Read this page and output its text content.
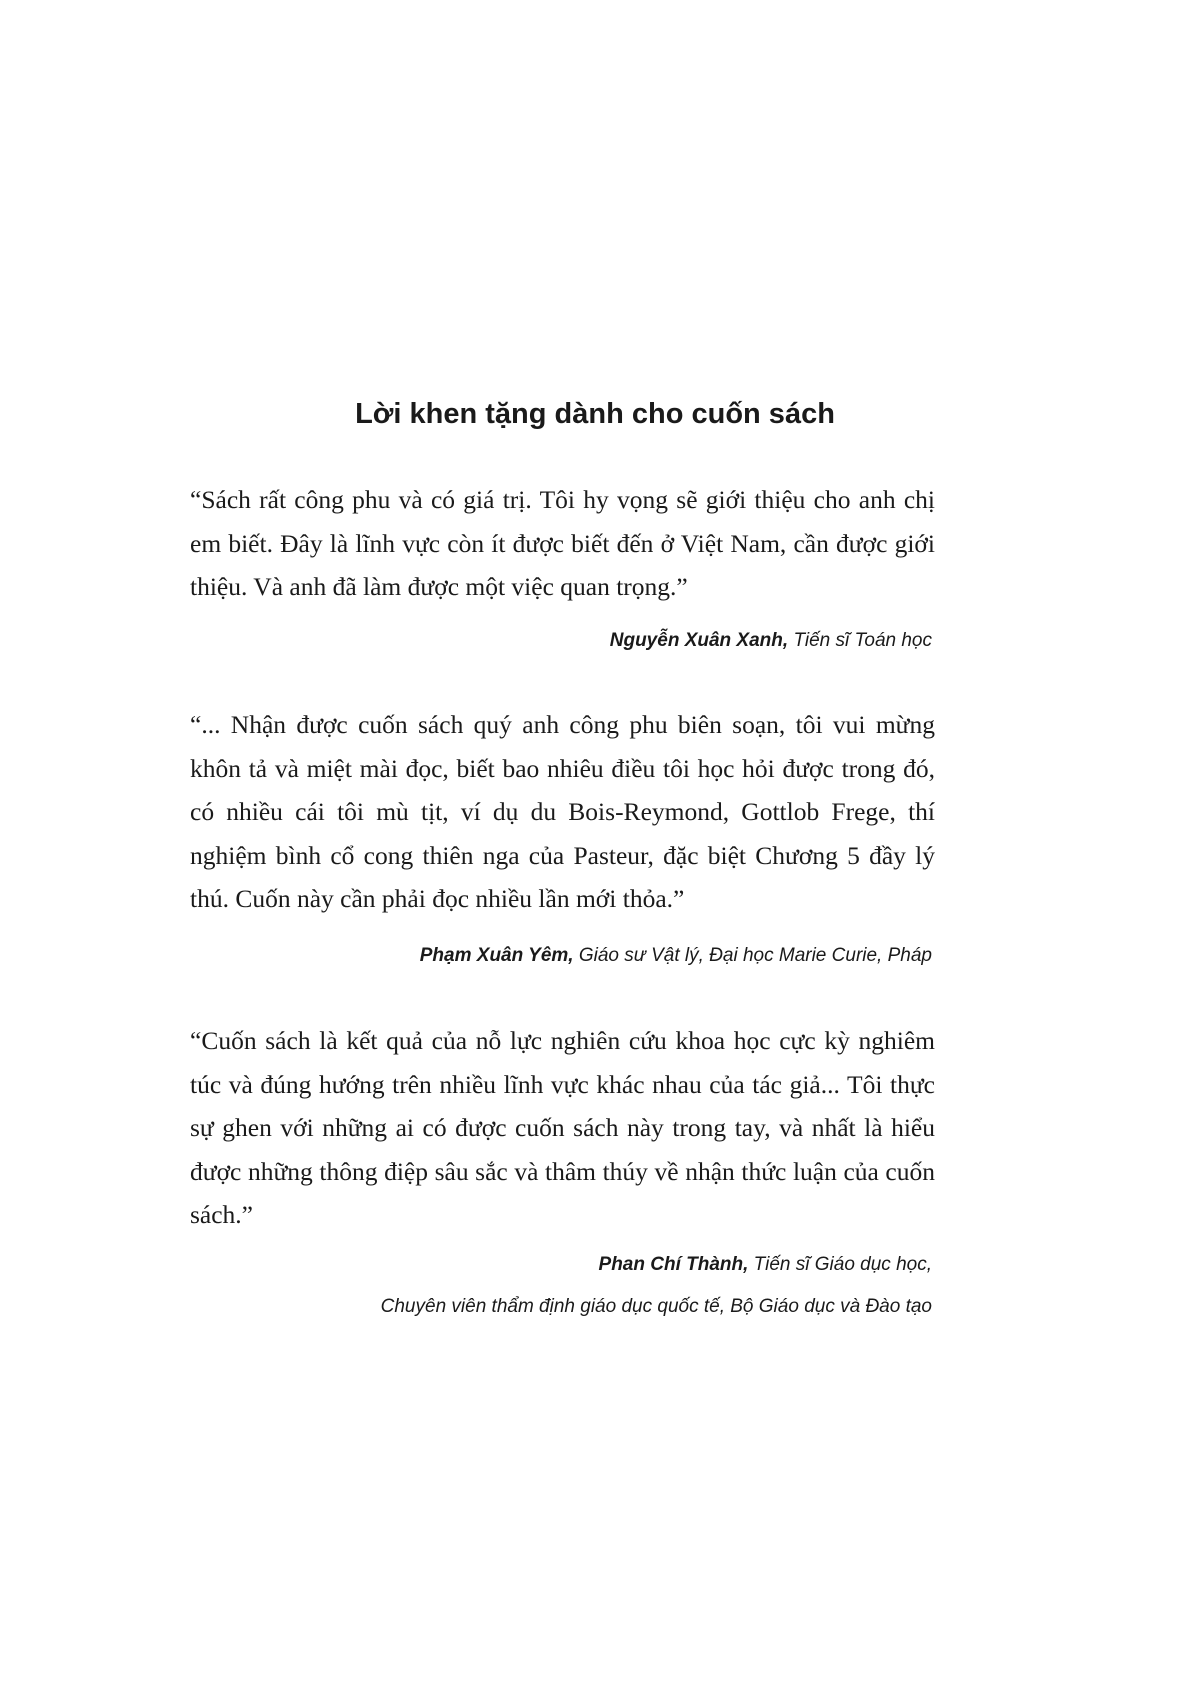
Lời khen tặng dành cho cuốn sách

“Sách rất công phu và có giá trị. Tôi hy vọng sẽ giới thiệu cho anh chị em biết. Đây là lĩnh vực còn ít được biết đến ở Việt Nam, cần được giới thiệu. Và anh đã làm được một việc quan trọng.”

Nguyễn Xuân Xanh, Tiến sĩ Toán học

“... Nhận được cuốn sách quý anh công phu biên soạn, tôi vui mừng khôn tả và miệt mài đọc, biết bao nhiêu điều tôi học hỏi được trong đó, có nhiều cái tôi mù tịt, ví dụ du Bois-Reymond, Gottlob Frege, thí nghiệm bình cổ cong thiên nga của Pasteur, đặc biệt Chương 5 đầy lý thú. Cuốn này cần phải đọc nhiều lần mới thỏa.”

Phạm Xuân Yêm, Giáo sư Vật lý, Đại học Marie Curie, Pháp

“Cuốn sách là kết quả của nỗ lực nghiên cứu khoa học cực kỳ nghiêm túc và đúng hướng trên nhiều lĩnh vực khác nhau của tác giả... Tôi thực sự ghen với những ai có được cuốn sách này trong tay, và nhất là hiểu được những thông điệp sâu sắc và thâm thúy về nhận thức luận của cuốn sách.”

Phan Chí Thành, Tiến sĩ Giáo dục học,
Chuyên viên thẩm định giáo dục quốc tế, Bộ Giáo dục và Đào tạo
